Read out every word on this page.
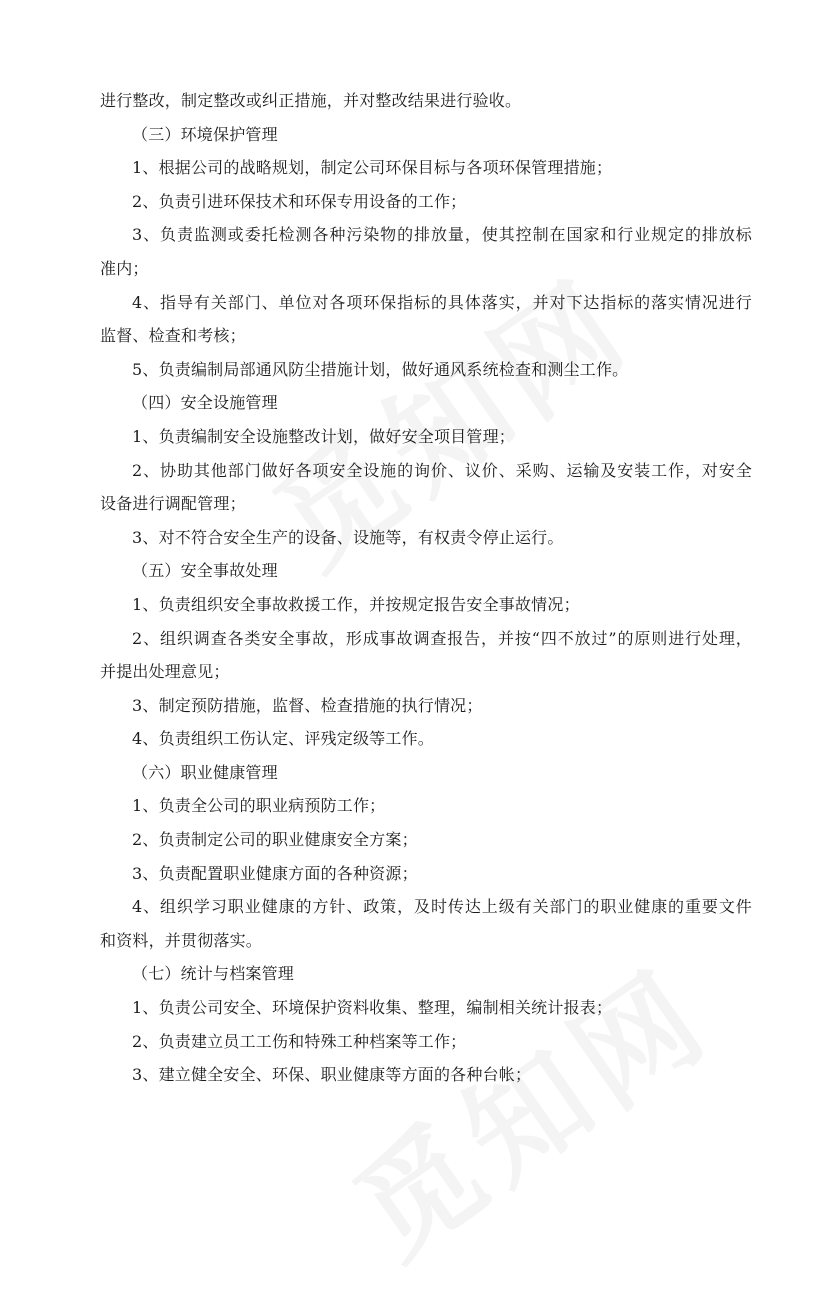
进行整改，制定整改或纠正措施，并对整改结果进行验收。
（三）环境保护管理
1、根据公司的战略规划，制定公司环保目标与各项环保管理措施；
2、负责引进环保技术和环保专用设备的工作；
3、负责监测或委托检测各种污染物的排放量，使其控制在国家和行业规定的排放标
准内；
4、指导有关部门、单位对各项环保指标的具体落实，并对下达指标的落实情况进行
监督、检查和考核；
5、负责编制局部通风防尘措施计划，做好通风系统检查和测尘工作。
（四）安全设施管理
1、负责编制安全设施整改计划，做好安全项目管理；
2、协助其他部门做好各项安全设施的询价、议价、采购、运输及安装工作，对安全
设备进行调配管理；
3、对不符合安全生产的设备、设施等，有权责令停止运行。
（五）安全事故处理
1、负责组织安全事故救援工作，并按规定报告安全事故情况；
2、组织调查各类安全事故，形成事故调查报告，并按“四不放过”的原则进行处理，
并提出处理意见；
3、制定预防措施，监督、检查措施的执行情况；
4、负责组织工伤认定、评残定级等工作。
（六）职业健康管理
1、负责全公司的职业病预防工作；
2、负责制定公司的职业健康安全方案；
3、负责配置职业健康方面的各种资源；
4、组织学习职业健康的方针、政策，及时传达上级有关部门的职业健康的重要文件
和资料，并贯彻落实。
（七）统计与档案管理
1、负责公司安全、环境保护资料收集、整理，编制相关统计报表；
2、负责建立员工工伤和特殊工种档案等工作；
3、建立健全安全、环保、职业健康等方面的各种台帐；
